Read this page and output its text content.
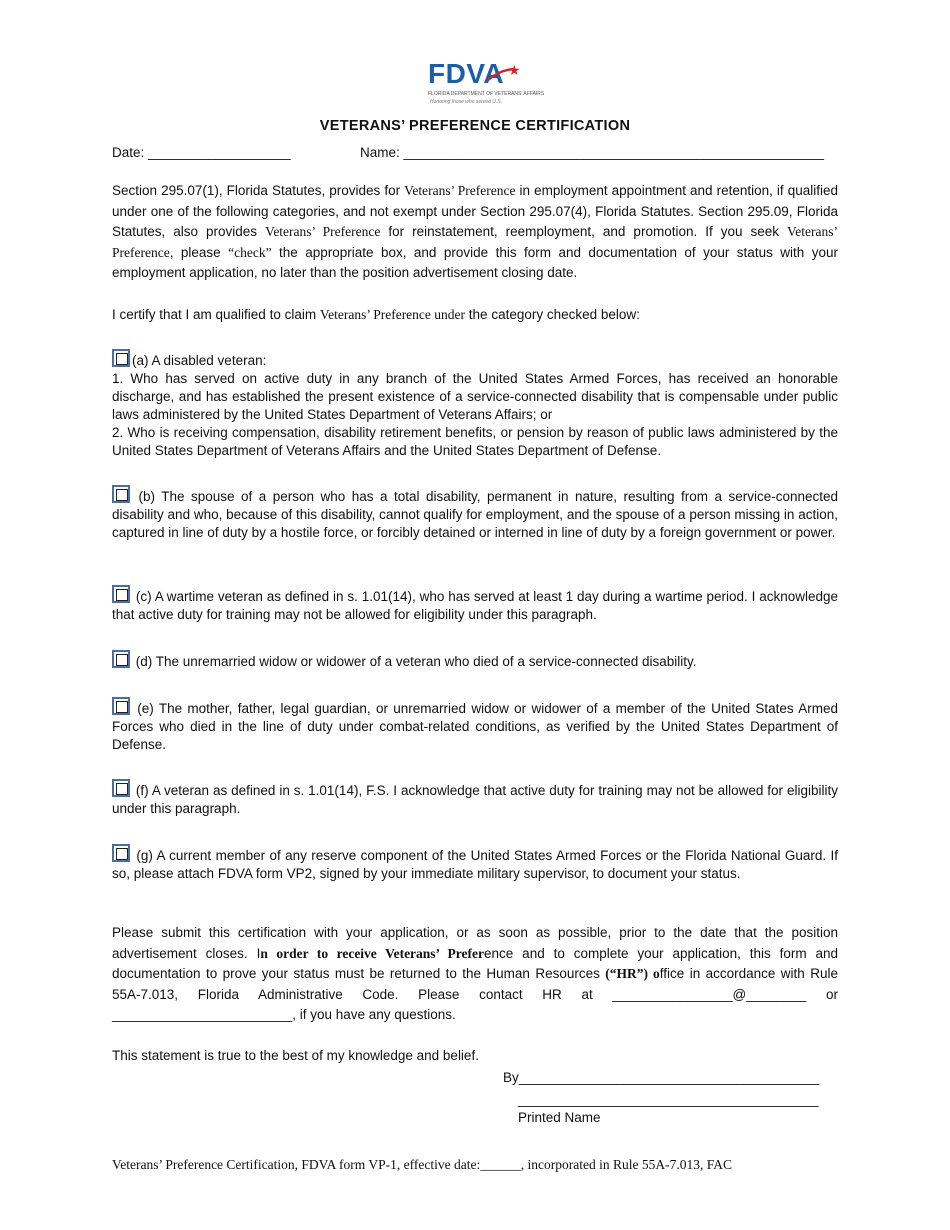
FDVA ★
FLORIDA DEPARTMENT OF VETERANS' AFFAIRS
Honoring those who served U.S.
VETERANS’ PREFERENCE CERTIFICATION
Date: ___________________	Name: ________________________________________________________
Section 295.07(1), Florida Statutes, provides for Veterans’ Preference in employment appointment and retention, if qualified under one of the following categories, and not exempt under Section 295.07(4), Florida Statutes. Section 295.09, Florida Statutes, also provides Veterans’ Preference for reinstatement, reemployment, and promotion. If you seek Veterans’ Preference, please “check” the appropriate box, and provide this form and documentation of your status with your employment application, no later than the position advertisement closing date.
I certify that I am qualified to claim Veterans’ Preference under the category checked below:
(a) A disabled veteran:
1. Who has served on active duty in any branch of the United States Armed Forces, has received an honorable discharge, and has established the present existence of a service-connected disability that is compensable under public laws administered by the United States Department of Veterans Affairs; or
2. Who is receiving compensation, disability retirement benefits, or pension by reason of public laws administered by the United States Department of Veterans Affairs and the United States Department of Defense.
(b) The spouse of a person who has a total disability, permanent in nature, resulting from a service-connected disability and who, because of this disability, cannot qualify for employment, and the spouse of a person missing in action, captured in line of duty by a hostile force, or forcibly detained or interned in line of duty by a foreign government or power.
(c) A wartime veteran as defined in s. 1.01(14), who has served at least 1 day during a wartime period. I acknowledge that active duty for training may not be allowed for eligibility under this paragraph.
(d) The unremarried widow or widower of a veteran who died of a service-connected disability.
(e) The mother, father, legal guardian, or unremarried widow or widower of a member of the United States Armed Forces who died in the line of duty under combat-related conditions, as verified by the United States Department of Defense.
(f) A veteran as defined in s. 1.01(14), F.S. I acknowledge that active duty for training may not be allowed for eligibility under this paragraph.
(g) A current member of any reserve component of the United States Armed Forces or the Florida National Guard. If so, please attach FDVA form VP2, signed by your immediate military supervisor, to document your status.
Please submit this certification with your application, or as soon as possible, prior to the date that the position advertisement closes. In order to receive Veterans’ Preference and to complete your application, this form and documentation to prove your status must be returned to the Human Resources (“HR”) office in accordance with Rule 55A-7.013, Florida Administrative Code. Please contact HR at ________________@________ or ________________________, if you have any questions.
This statement is true to the best of my knowledge and belief.
By________________________________________
________________________________________
Printed Name
Veterans’ Preference Certification, FDVA form VP-1, effective date:______, incorporated in Rule 55A-7.013, FAC
